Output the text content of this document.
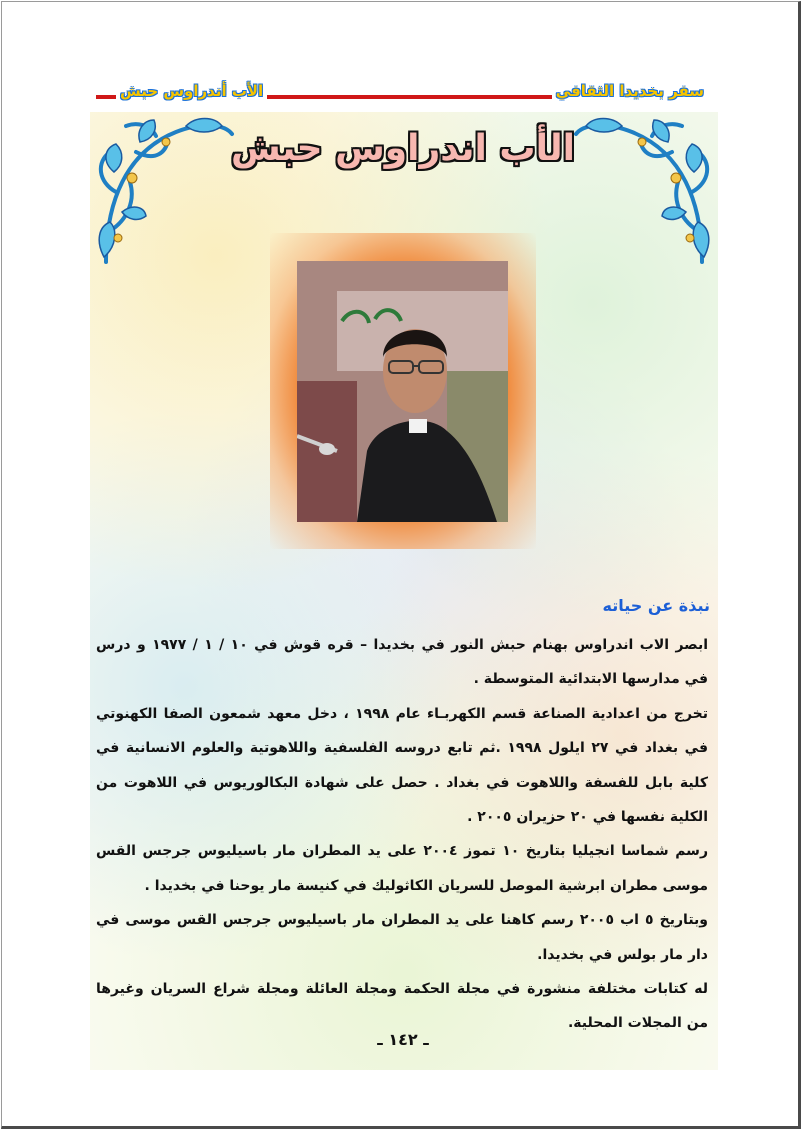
سفر بخديدا الثقافي
الأب أندراوس حبش
الأب اندراوس حبش
نبذة عن حياته

ابصر الاب اندراوس بهنام حبش النور في بخديدا – قره قوش في ١٠ / ١ / ١٩٧٧ و درس في مدارسها الابتدائية المتوسطة .

تخرج من اعدادية الصناعة قسم الكهربـاء عام ١٩٩٨ ، دخل معهد شمعون الصفا الكهنوتي في بغداد في ٢٧ ايلول ١٩٩٨ .ثم تابع دروسه الفلسفية واللاهوتية والعلوم الانسانية في كلية بابل للفسفة واللاهوت في بغداد . حصل على شهادة البكالوريوس في اللاهوت من الكلية نفسها في ٢٠ حزيران ٢٠٠٥ .

رسم شماسا انجيليا بتاريخ ١٠ تموز ٢٠٠٤ على يد المطران مار باسيليوس جرجس القس موسى مطران ابرشية الموصل للسريان الكاثوليك في كنيسة مار يوحنا في بخديدا .

وبتاريخ ٥ اب ٢٠٠٥ رسم كاهنا على يد المطران مار باسيليوس جرجس القس موسى في دار مار بولس في بخديدا.

له كتابات مختلفة منشورة في مجلة الحكمة ومجلة العائلة ومجلة شراع السريان وغيرها من المجلات المحلية.

ـ ١٤٢ ـ
